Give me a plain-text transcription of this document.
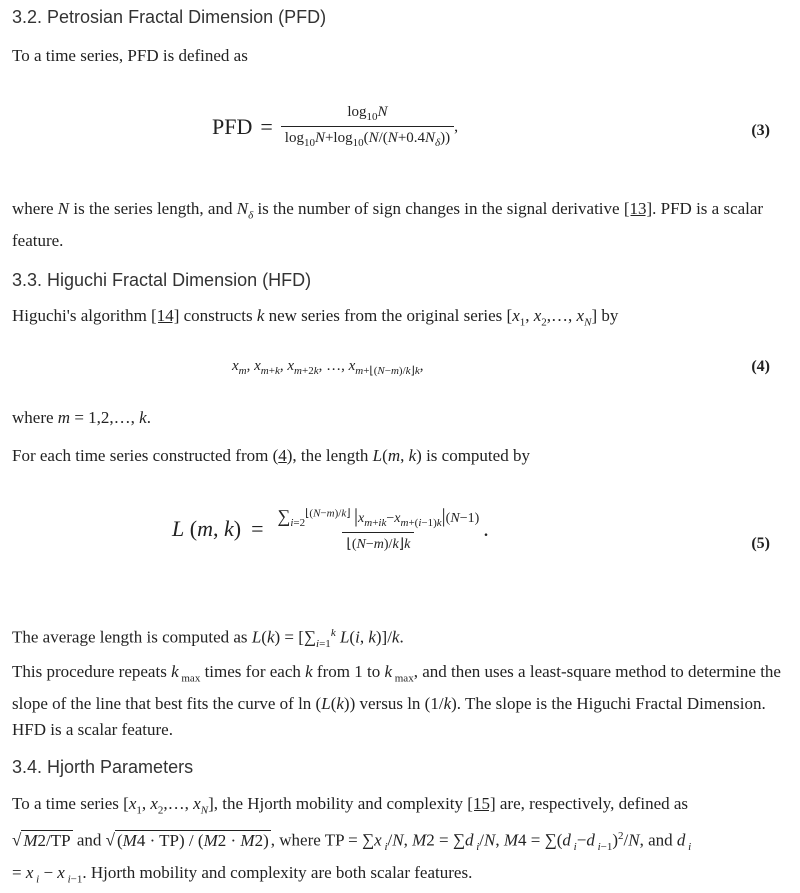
3.2. Petrosian Fractal Dimension (PFD)

To a time series, PFD is defined as

PFD = $\frac{\log_{10}N}{\log_{10}N+\log_{10}(N/(N+0.4N_\delta))}$ ,	(3)

where N is the series length, and $N_\delta$ is the number of sign changes in the signal derivative [13]. PFD is a scalar feature.

3.3. Higuchi Fractal Dimension (HFD)

Higuchi's algorithm [14] constructs k new series from the original series [$x_1$, $x_2,\dots$, $x_N$] by

$x_m$, $x_{m+k}$, $x_{m+2k}$, …, $x_{m+⌊(N-m)/k⌋k}$,	(4)

where m = 1,2,…, k.

For each time series constructed from (4), the length L(m, k) is computed by

L ( m , k ) = $\frac{\sum_{i=2}^{⌊(N-m)/k⌋} |x_{m+ik}-x_{m+(i-1)k}|(N-1)}{⌊(N-m)/k⌋k}$ .
(5)

The average length is computed as $L(k) = [\sum_{i=1}^k$ L(i, k)]/k.

This procedure repeats k $_{max}$ times for each k from 1 to k $_{max}$, and then uses a least-square method to determine the slope of the line that best fits the curve of ln (L(k)) versus ln (1/k). The slope is the Higuchi Fractal Dimension. HFD is a scalar feature.

3.4. Hjorth Parameters

To a time series [$x_1$, $x_2,\dots$, $x_N$], the Hjorth mobility and complexity [15] are, respectively, defined as
√ M2/TP and √ (M4 · TP) / (M2 · M2) , where TP = ∑x $_i$/N, M2 = ∑d $_i$/N, M4 = ∑(d $_i$−d $_{i-1}$)$^2$/N, and d $_i$
= x $_i$ − x $_{i-1}$. Hjorth mobility and complexity are both scalar features.
